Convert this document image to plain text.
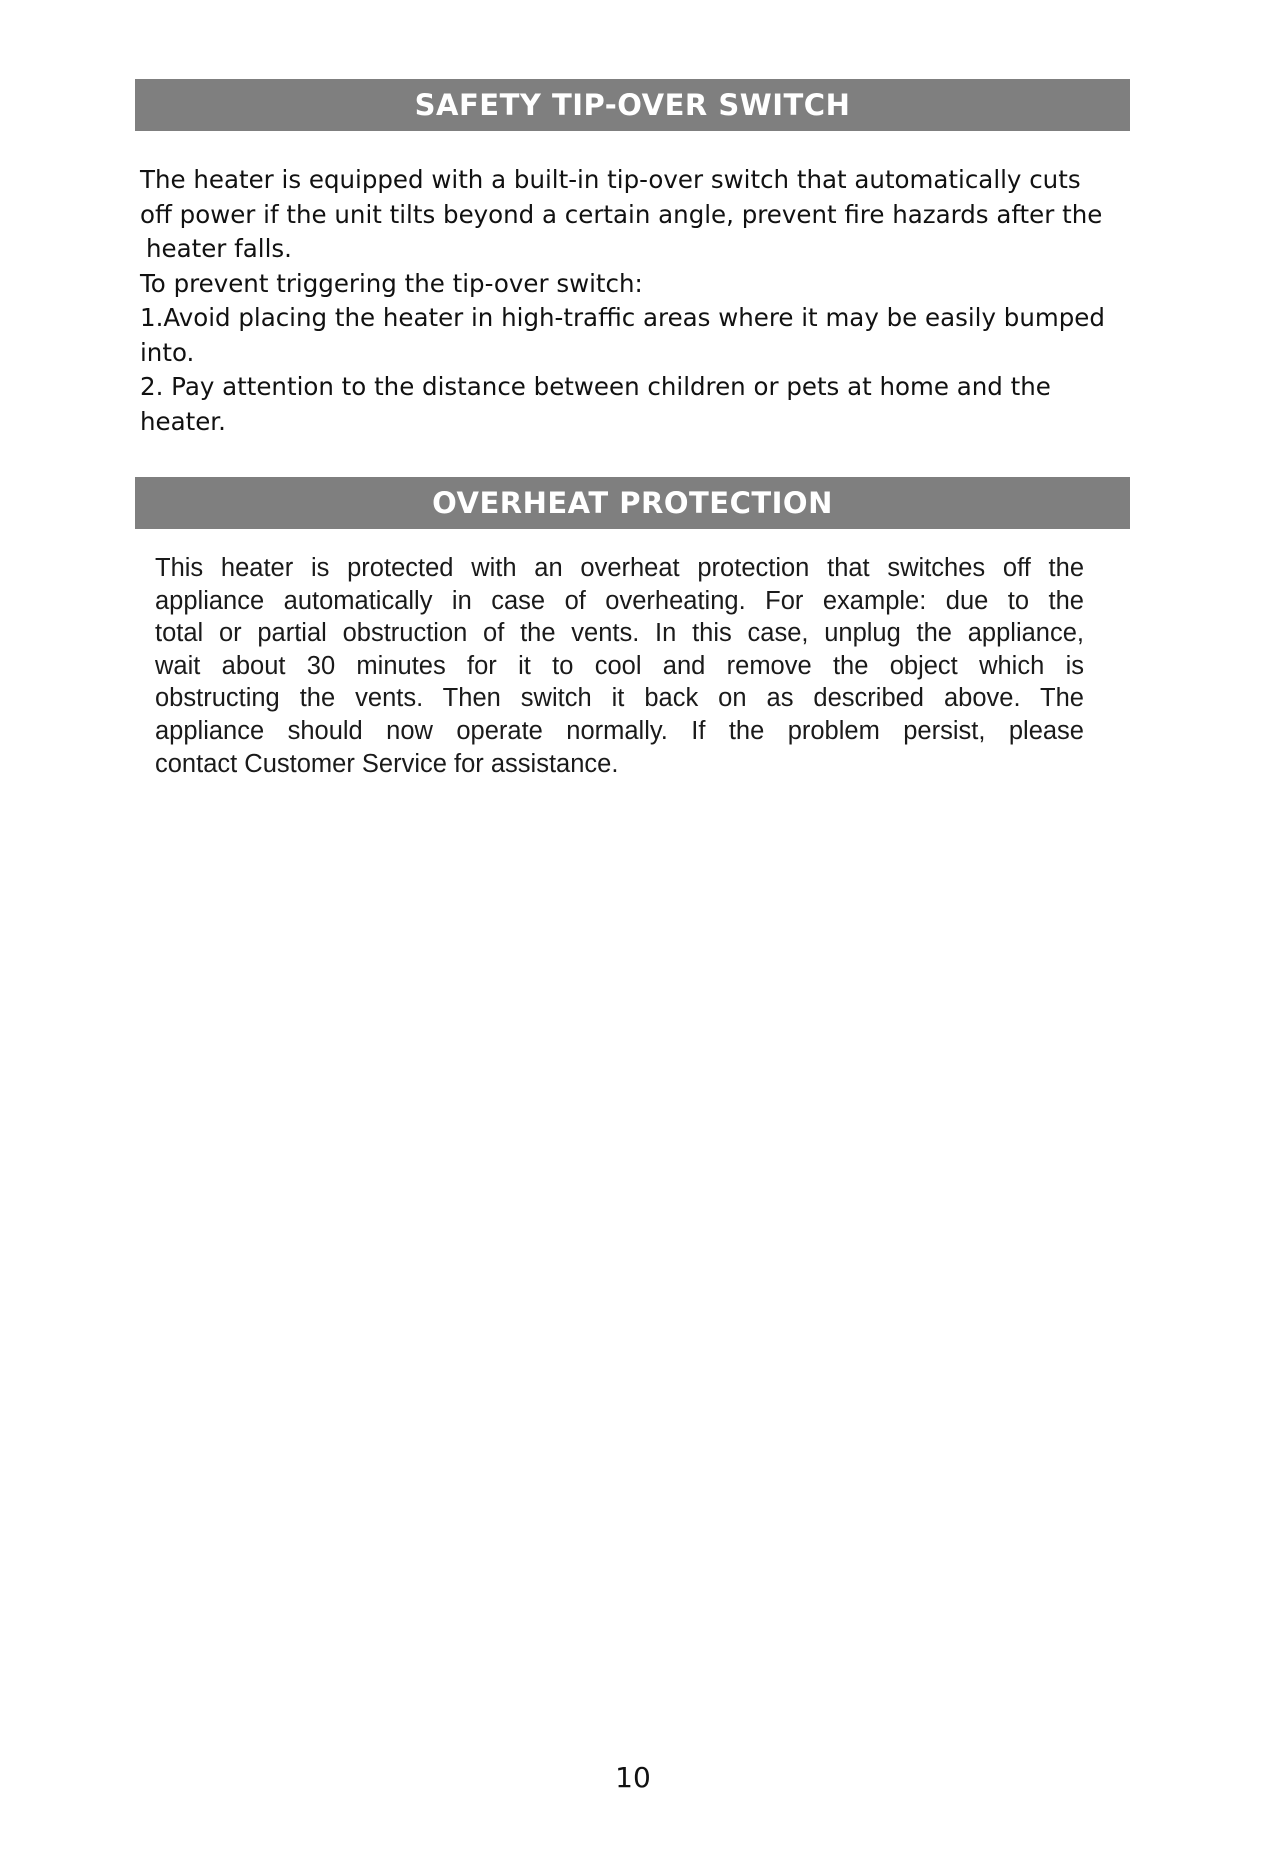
SAFETY TIP-OVER SWITCH

The heater is equipped with a built-in tip-over switch that automatically cuts

off power if the unit tilts beyond a certain angle, prevent fire hazards after the

heater falls.

To prevent triggering the tip-over switch:

1.Avoid placing the heater in high-traffic areas where it may be easily bumped

into.

2. Pay attention to the distance between children or pets at home and the

heater.

OVERHEAT PROTECTION

This heater is protected with an overheat protection that switches off the

appliance automatically in case of overheating. For example: due to the

total or partial obstruction of the vents. In this case, unplug the appliance,

wait about 30 minutes for it to cool and remove the object which is

obstructing the vents. Then switch it back on as described above. The

appliance should now operate normally. If the problem persist, please

contact Customer Service for assistance.

10
